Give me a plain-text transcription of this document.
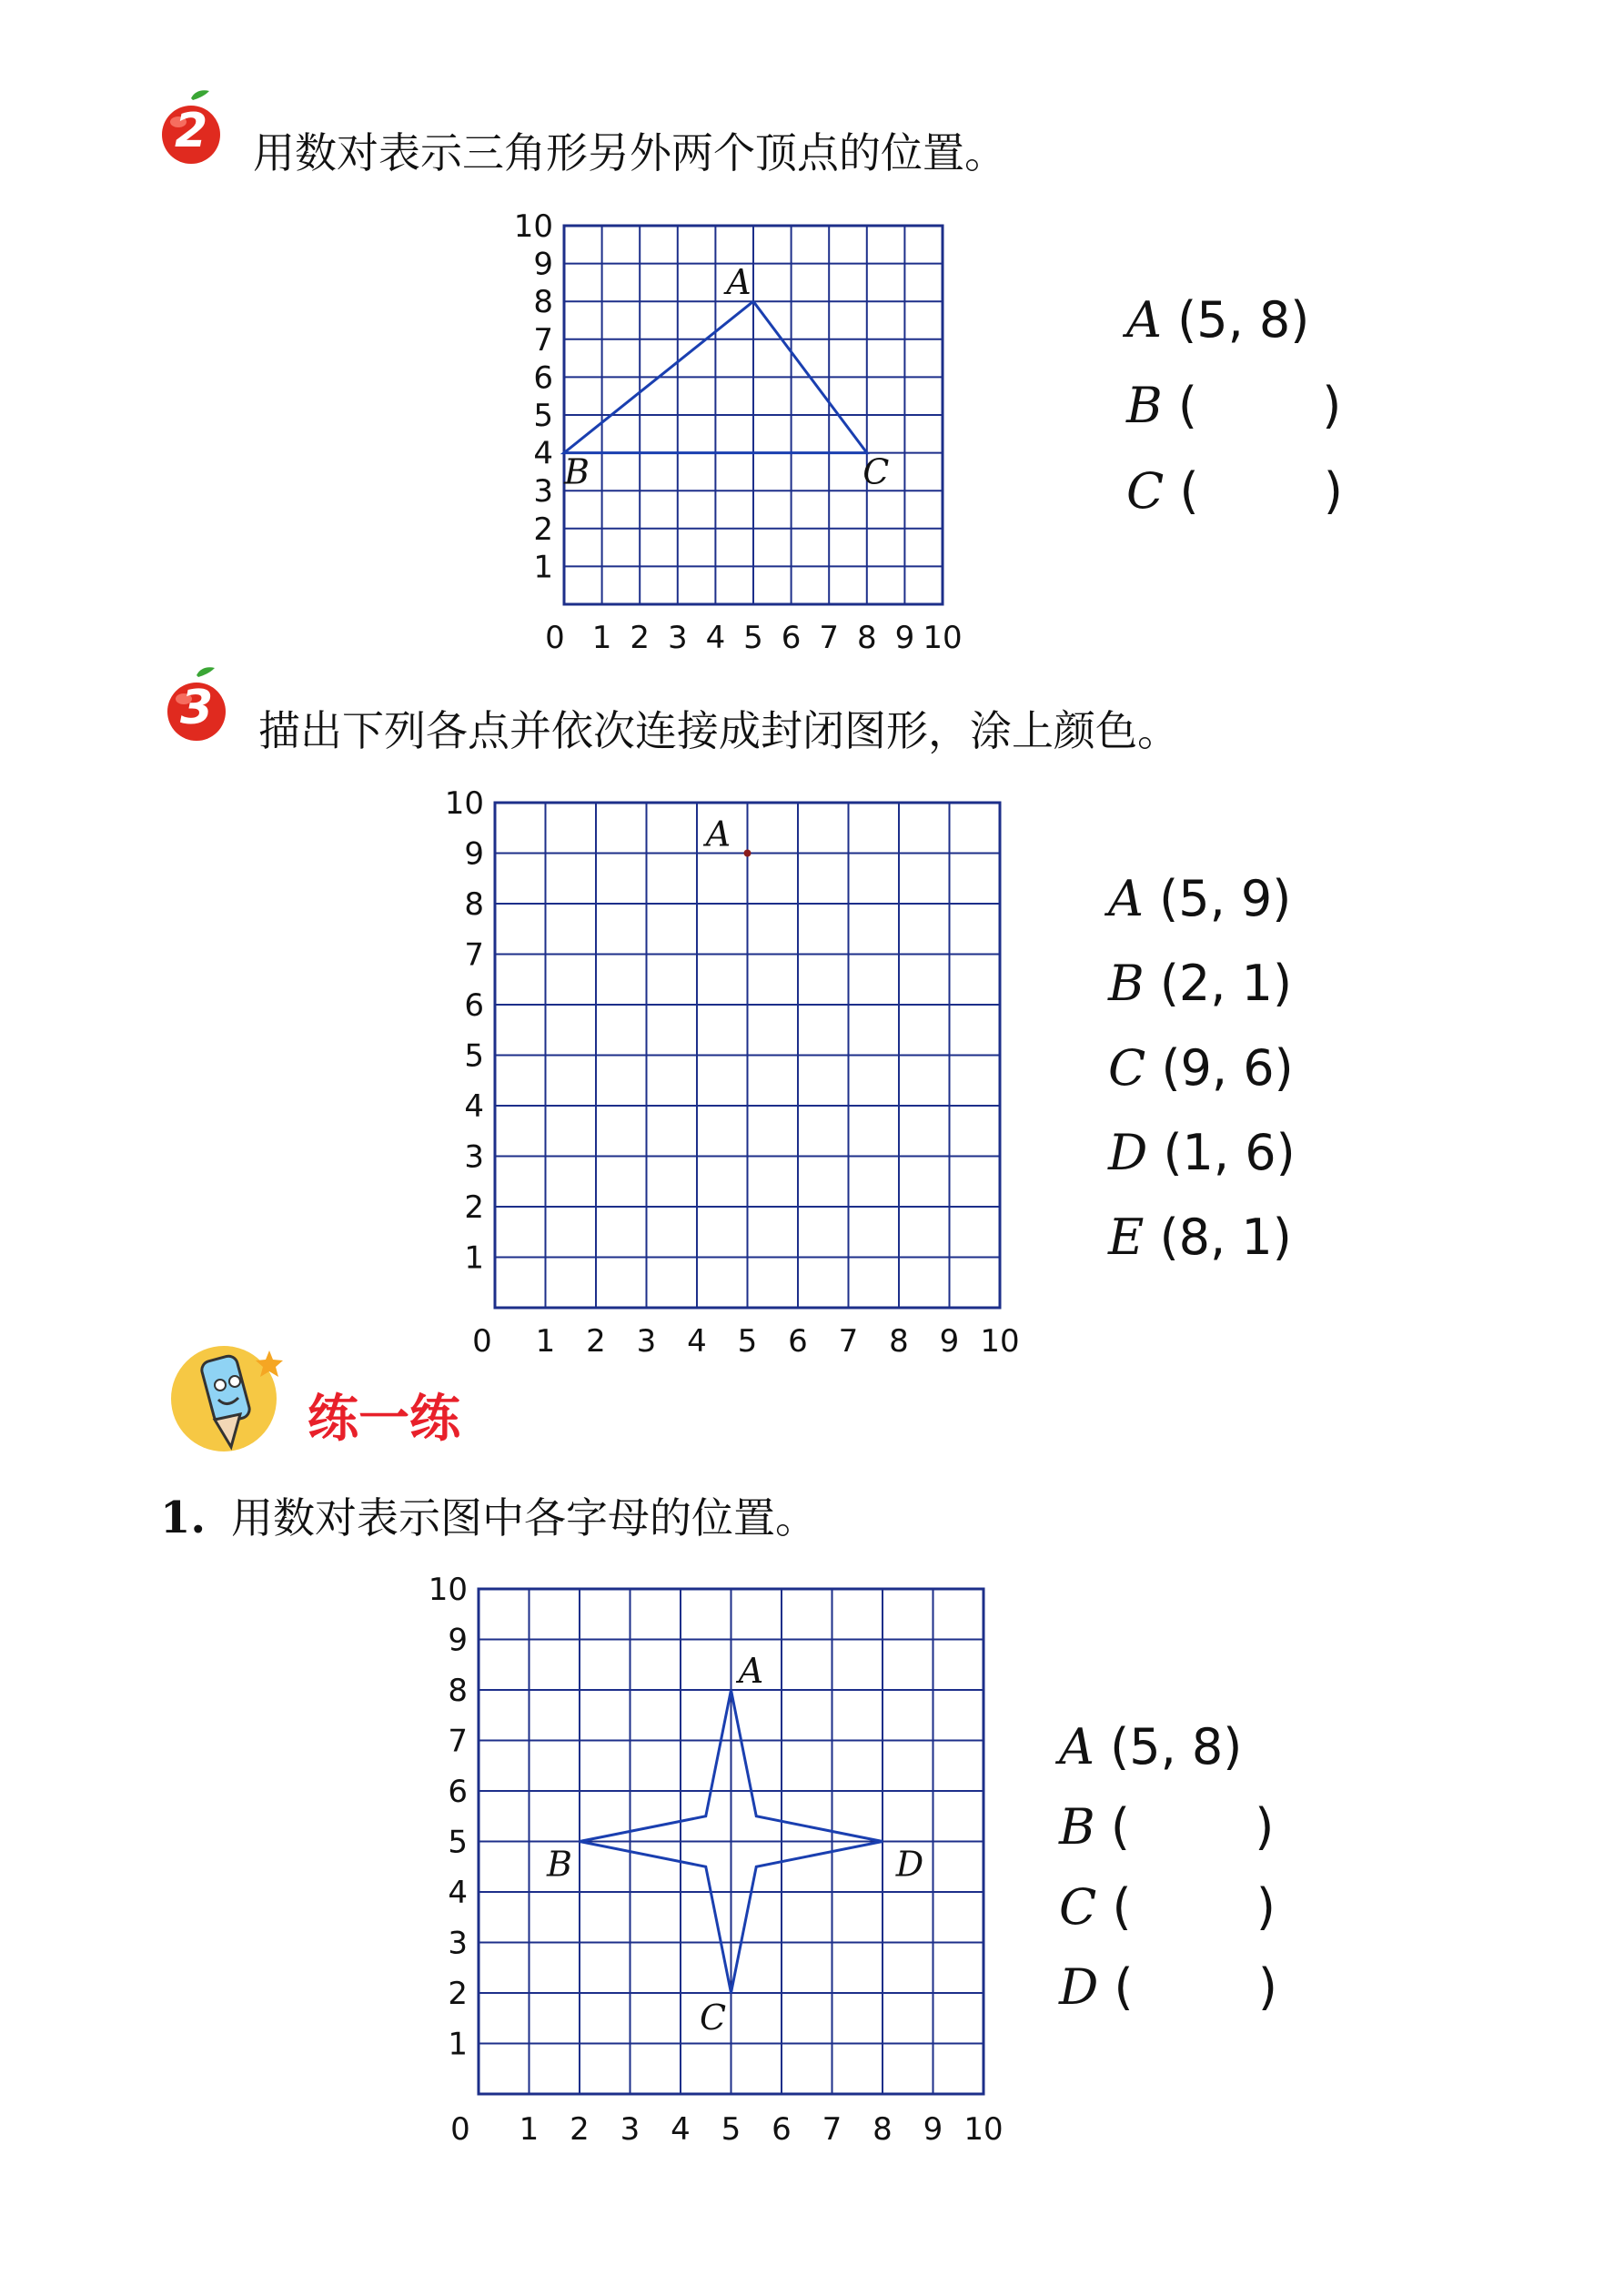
2 用数对表示三角形另外两个顶点的位置。
0 1 2 3 4 5 6 7 8 9 10
1
2
3
4
5
6
7
8
9
10
A
B	C
A (5, 8)
B (        )
C (        )
3 描出下列各点并依次连接成封闭图形，涂上颜色。
0 1 2 3 4 5 6 7 8 9 10
1
2
3
4
5
6
7
8
9
10
A
A (5, 9)
B (2, 1)
C (9, 6)
D (1, 6)
E (8, 1)
练一练
1. 用数对表示图中各字母的位置。
0 1 2 3 4 5 6 7 8 9 10
1
2
3
4
5
6
7
8
9
10
A
B
C
D
A (5, 8)
B (        )
C (        )
D (        )
